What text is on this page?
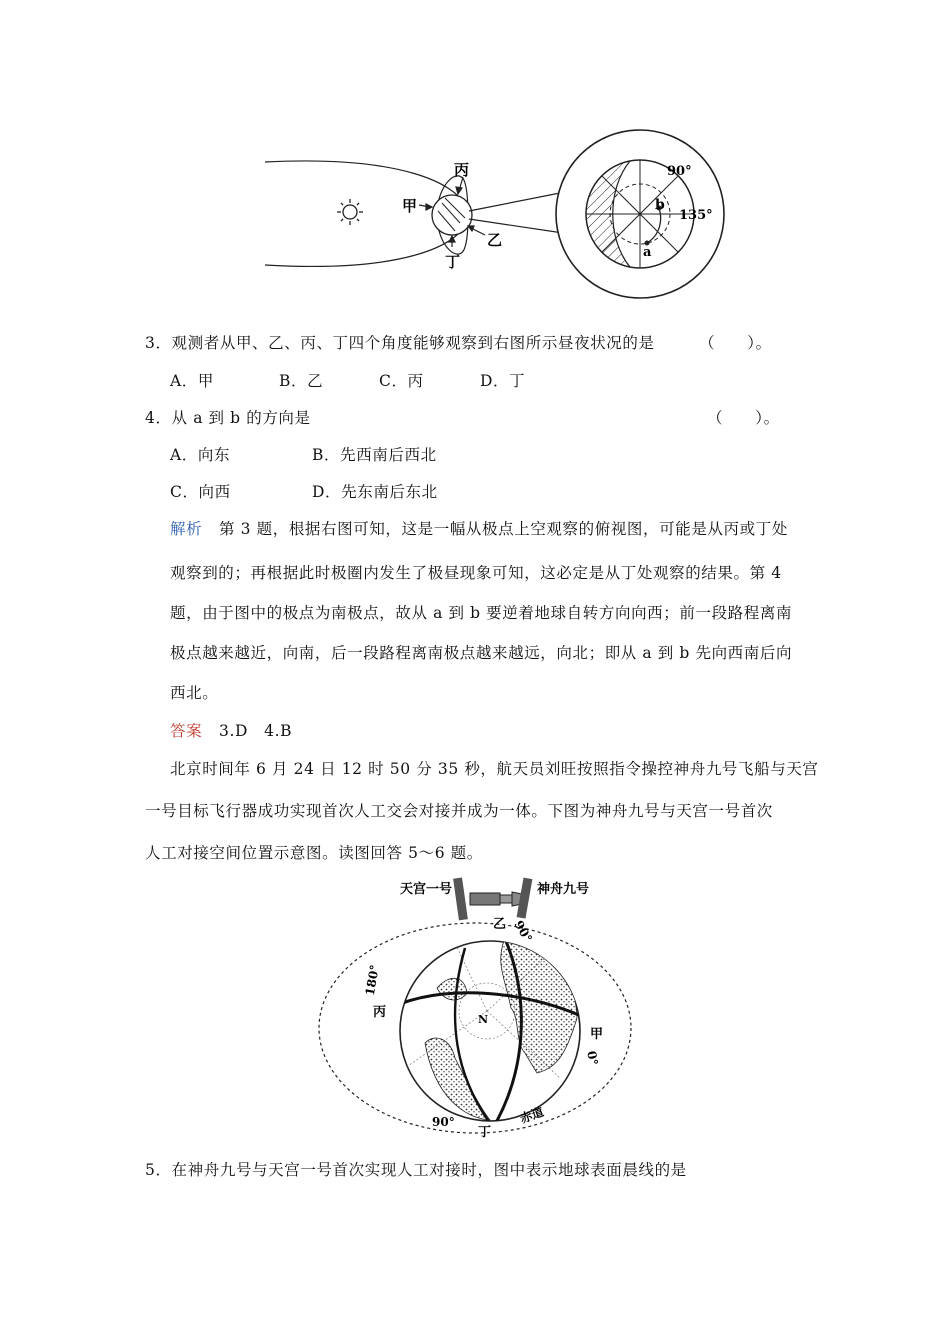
甲
丙
乙
丁
a
b
90°
135°
3．观测者从甲、乙、丙、丁四个角度能够观察到右图所示昼夜状况的是	（　　）。
A．甲	B．乙	C．丙	D．丁
4．从 a 到 b 的方向是	（　　）。
A．向东	B．先西南后西北
C．向西	D．先东南后东北
解析 第 3 题，根据右图可知，这是一幅从极点上空观察的俯视图，可能是从丙或丁处
观察到的；再根据此时极圈内发生了极昼现象可知，这必定是从丁处观察的结果。第 4
题，由于图中的极点为南极点，故从 a 到 b 要逆着地球自转方向向西；前一段路程离南
极点越来越近，向南，后一段路程离南极点越来越远，向北；即从 a 到 b 先向西南后向
西北。
答案 3.D　4.B
北京时间年 6 月 24 日 12 时 50 分 35 秒，航天员刘旺按照指令操控神舟九号飞船与天宫
一号目标飞行器成功实现首次人工交会对接并成为一体。下图为神舟九号与天宫一号首次
人工对接空间位置示意图。读图回答 5～6 题。
天宫一号	神舟九号
乙 90°
180°
丙
甲
0°
N
90°
丁
赤道
5．在神舟九号与天宫一号首次实现人工对接时，图中表示地球表面晨线的是
